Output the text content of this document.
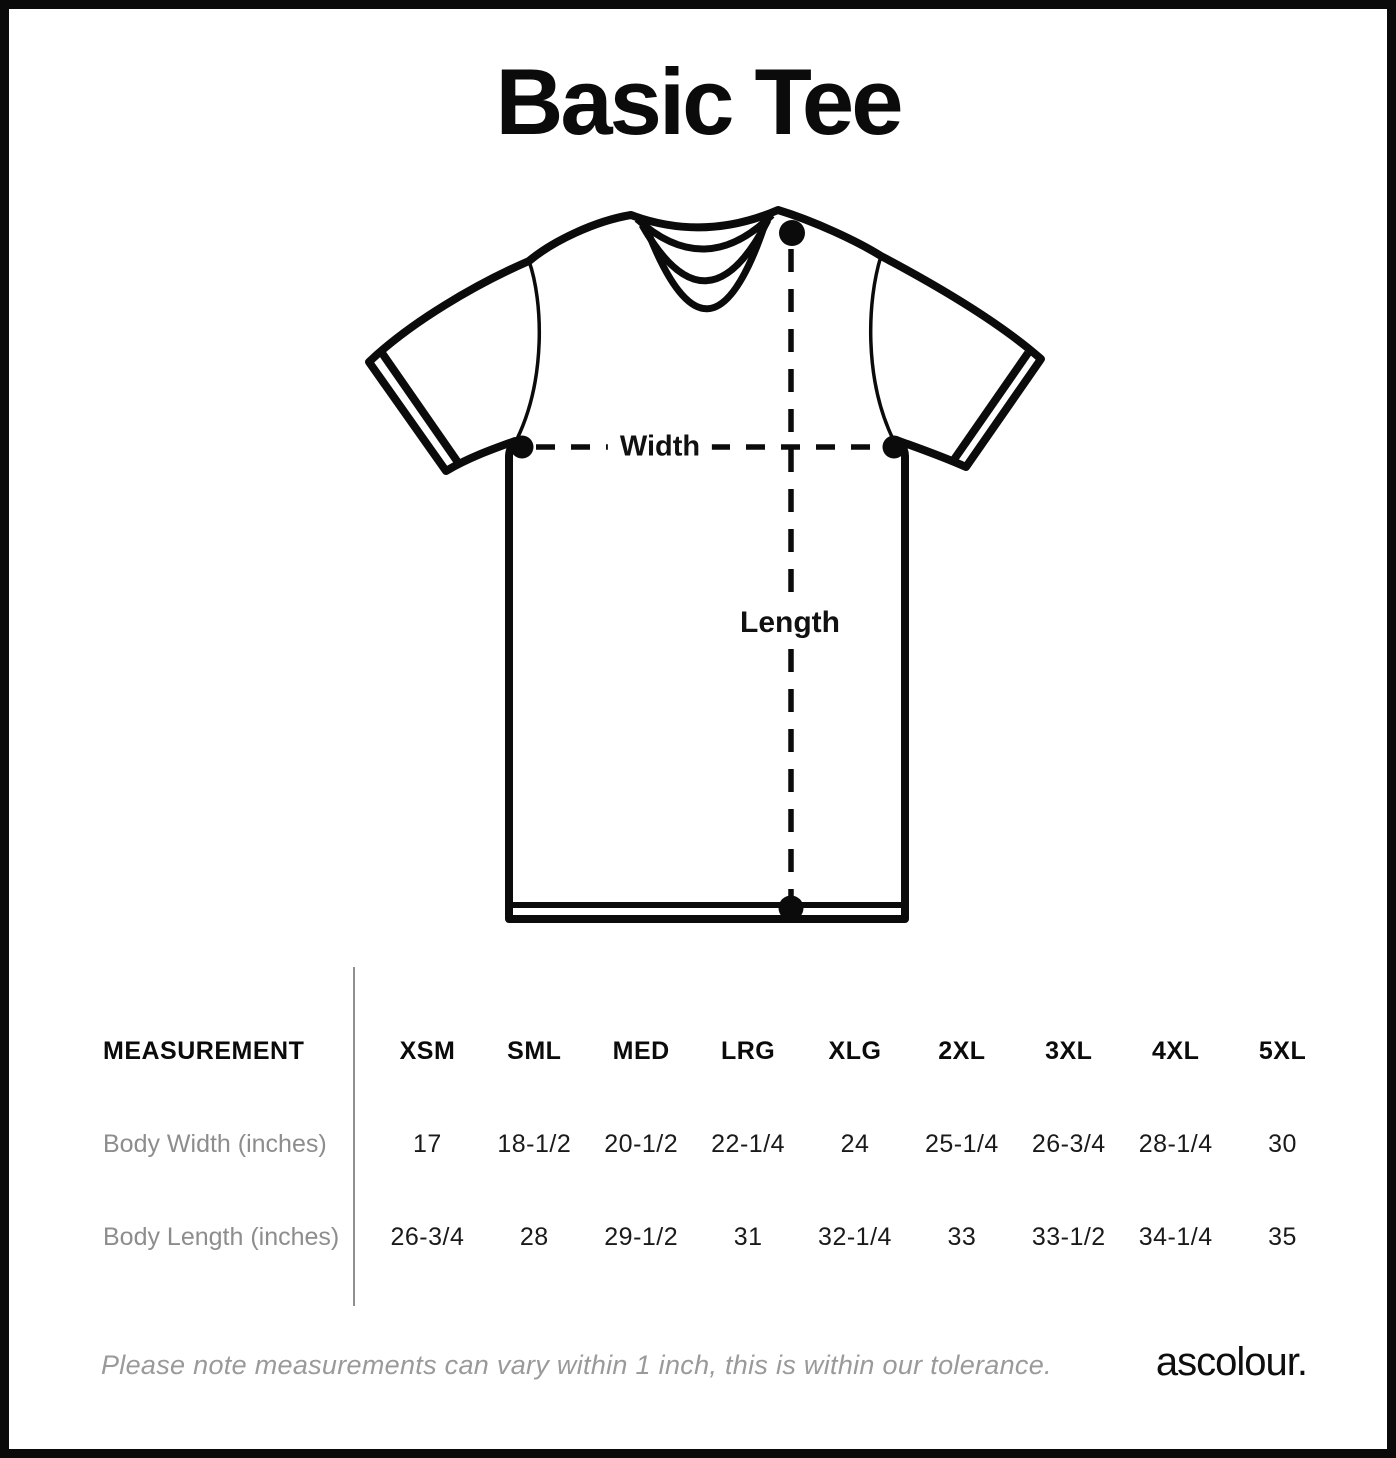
Basic Tee
Width
Length
MEASUREMENT	XSM	SML	MED	LRG	XLG	2XL	3XL	4XL	5XL
Body Width (inches)	17	18-1/2	20-1/2	22-1/4	24	25-1/4	26-3/4	28-1/4	30
Body Length (inches)	26-3/4	28	29-1/2	31	32-1/4	33	33-1/2	34-1/4	35
Please note measurements can vary within 1 inch, this is within our tolerance.	ascolour.
